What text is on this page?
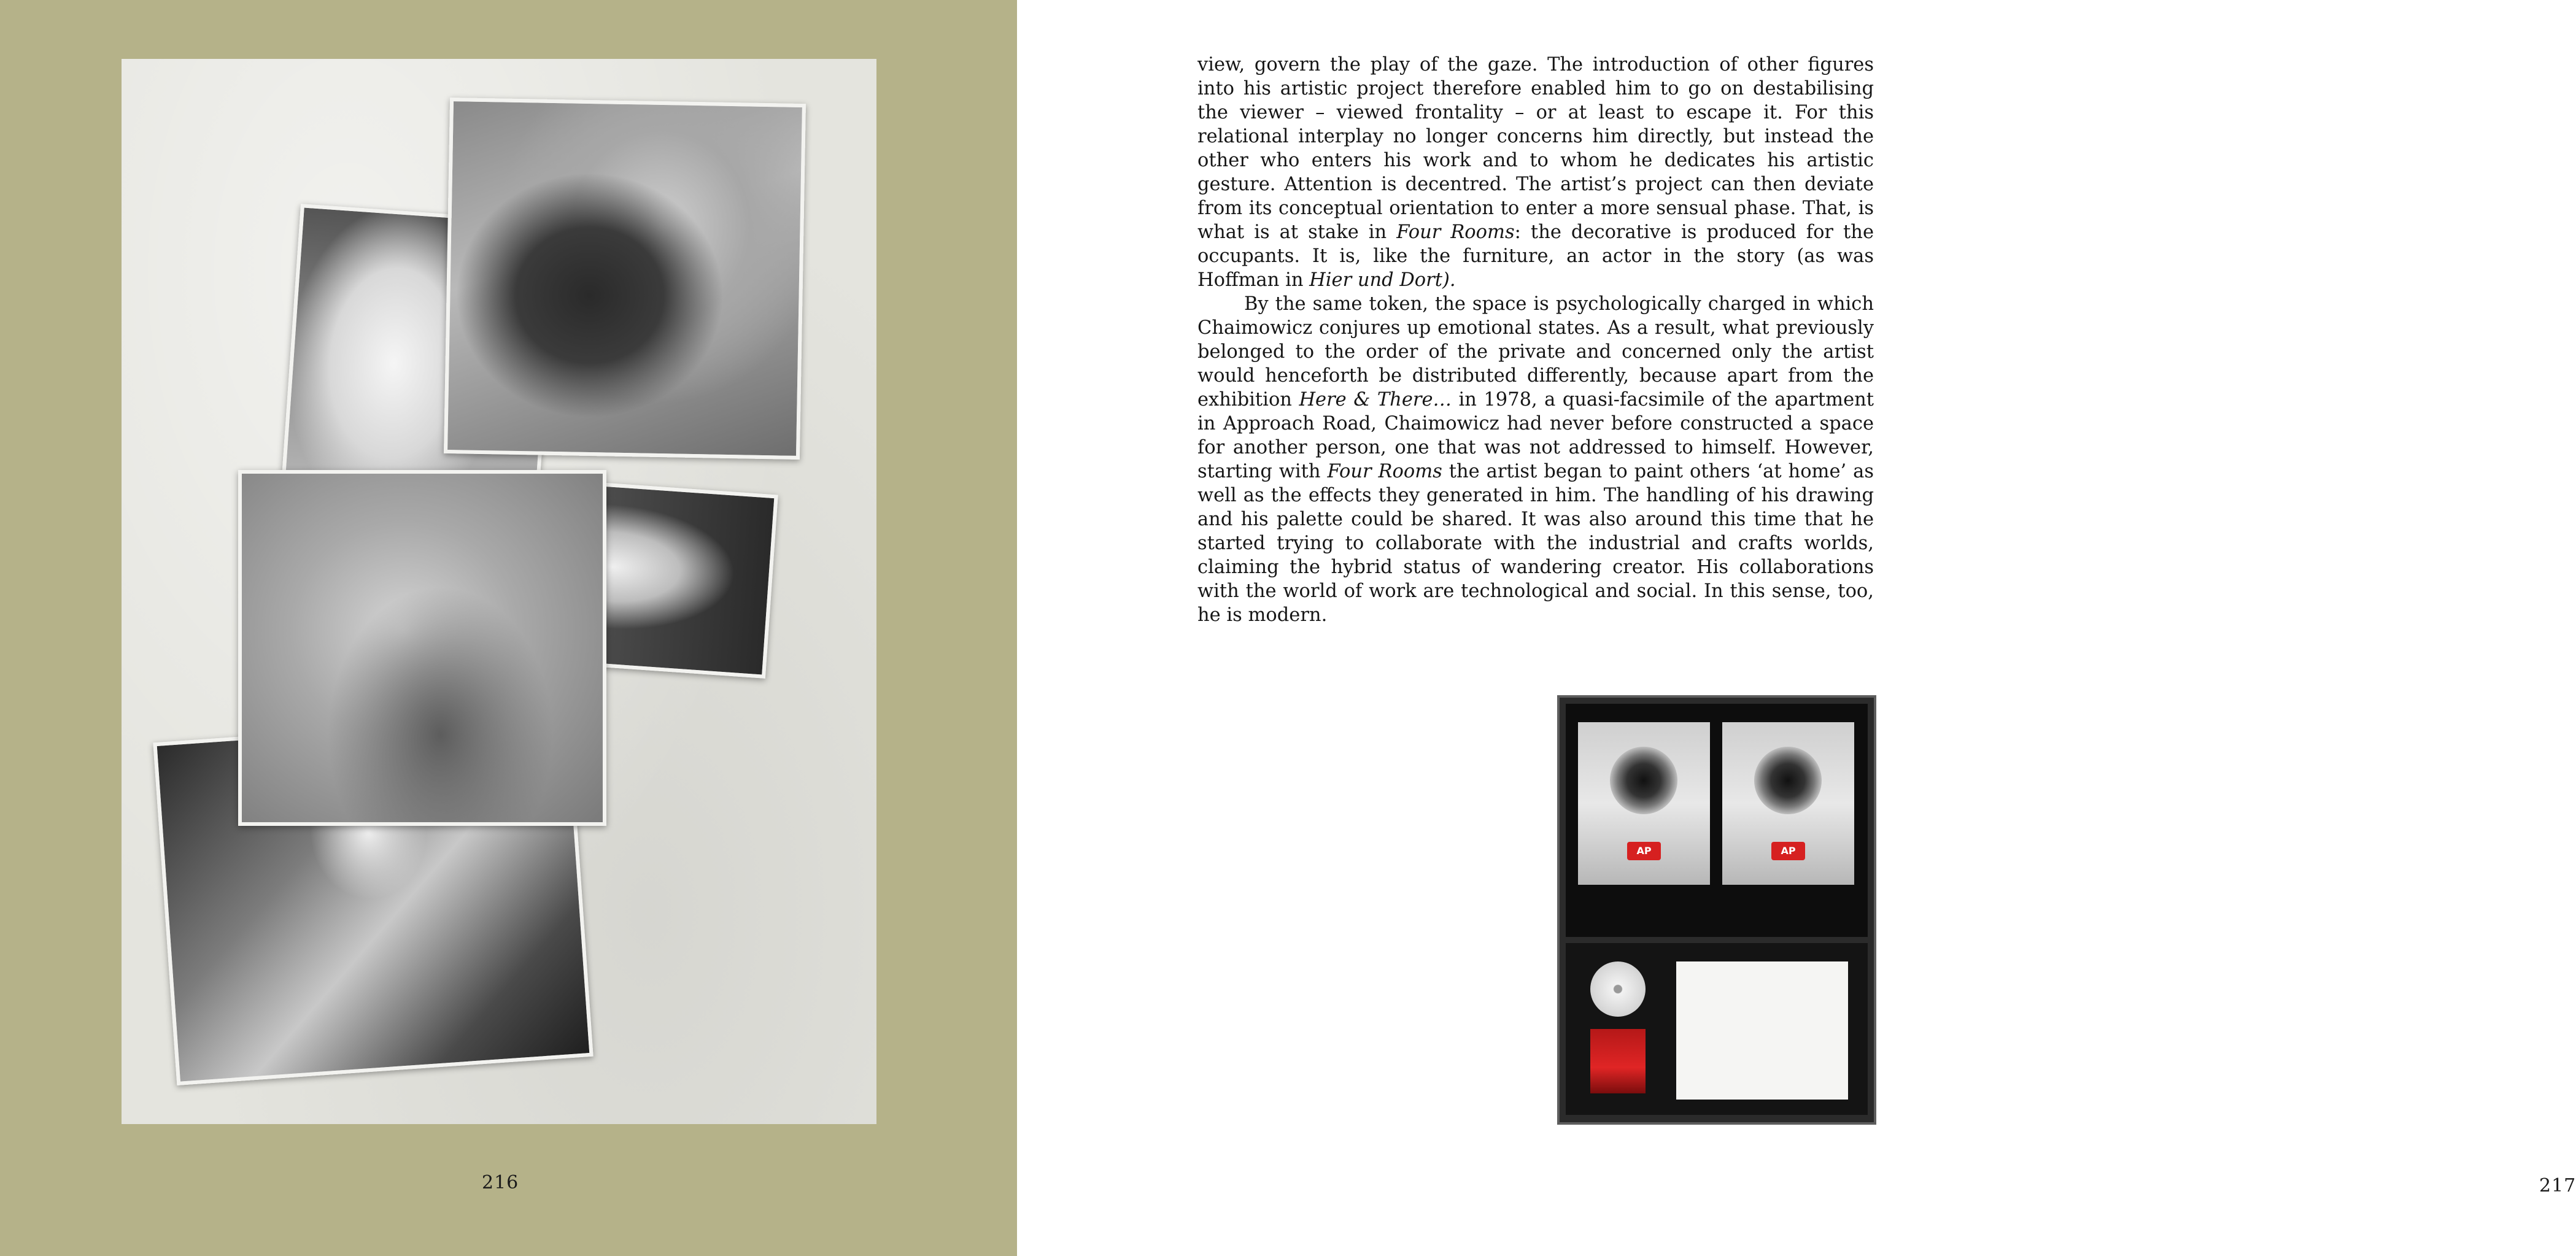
216

view, govern the play of the gaze. The introduction of other figures into his artistic project therefore enabled him to go on destabilising the viewer – viewed frontality – or at least to escape it. For this relational interplay no longer concerns him directly, but instead the other who enters his work and to whom he dedicates his artistic gesture. Attention is decentred. The artist’s project can then deviate from its conceptual orientation to enter a more sensual phase. That, is what is at stake in Four Rooms: the decorative is produced for the occupants. It is, like the furniture, an actor in the story (as was Hoffman in Hier und Dort).

By the same token, the space is psychologically charged in which Chaimowicz conjures up emotional states. As a result, what previously belonged to the order of the private and concerned only the artist would henceforth be distributed differently, because apart from the exhibition Here & There… in 1978, a quasi-facsimile of the apartment in Approach Road, Chaimowicz had never before constructed a space for another person, one that was not addressed to himself. However, starting with Four Rooms the artist began to paint others ‘at home’ as well as the effects they generated in him. The handling of his drawing and his palette could be shared. It was also around this time that he started trying to collaborate with the industrial and crafts worlds, claiming the hybrid status of wandering creator. His collaborations with the world of work are technological and social. In this sense, too, he is modern.

AP	AP
217
